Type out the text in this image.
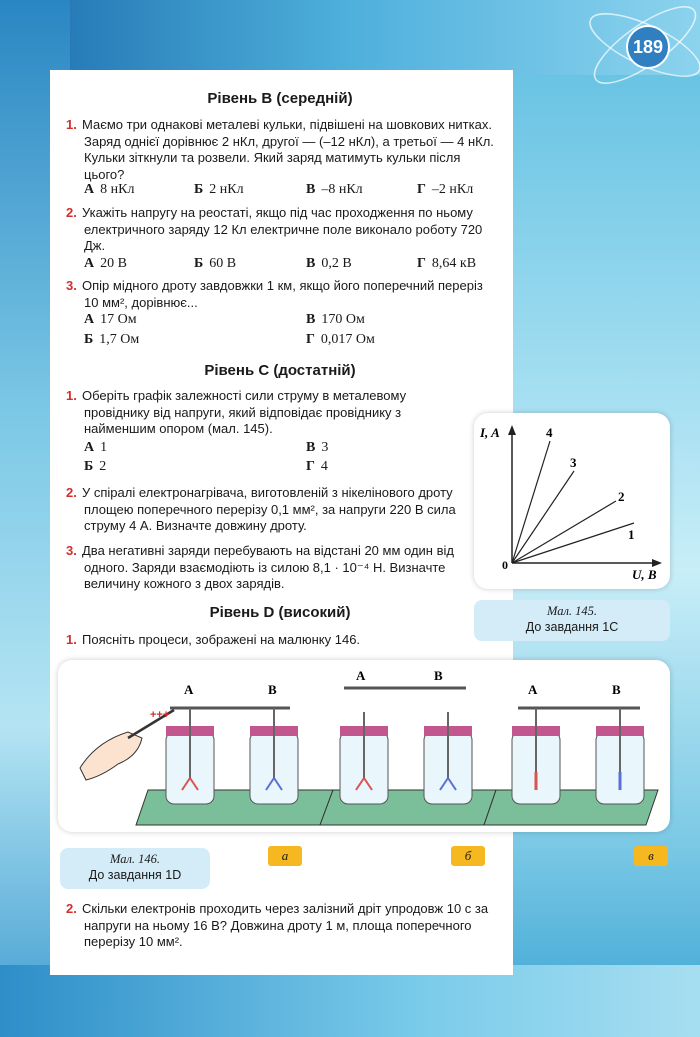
189
Рівень В (середній)
1. Маємо три однакові металеві кульки, підвішені на шовкових нитках. Заряд однієї дорівнює 2 нКл, другої — (–12 нКл), а третьої — 4 нКл. Кульки зіткнули та розвели. Який заряд матимуть кульки після цього?
А 8 нКл	Б 2 нКл	В –8 нКл	Г –2 нКл
2. Укажіть напругу на реостаті, якщо під час проходження по ньому електричного заряду 12 Кл електричне поле виконало роботу 720 Дж.
А 20 В	Б 60 В	В 0,2 В	Г 8,64 кВ
3. Опір мідного дроту завдовжки 1 км, якщо його поперечний переріз 10 мм², дорівнює...
А 17 Ом	В 170 Ом
Б 1,7 Ом	Г 0,017 Ом
Рівень С (достатній)
1. Оберіть графік залежності сили струму в металевому провіднику від напруги, який відповідає провіднику з найменшим опором (мал. 145).
А 1	В 3
Б 2	Г 4
2. У спіралі електронагрівача, виготовленій з нікелінового дроту площею поперечного перерізу 0,1 мм², за напруги 220 В сила струму 4 А. Визначте довжину дроту.
3. Два негативні заряди перебувають на відстані 20 мм один від одного. Заряди взаємодіють із силою 8,1 · 10⁻⁴ Н. Визначте величину кожного з двох зарядів.
I, A
U, B
0
1
2
3
4
Мал. 145.
До завдання 1С
Рівень D (високий)
1. Поясніть процеси, зображені на малюнку 146.
+++
А	В
А	В
А	В
а	б	в
Мал. 146.
До завдання 1D
2. Скільки електронів проходить через залізний дріт упродовж 10 с за напруги на ньому 16 В? Довжина дроту 1 м, площа поперечного перерізу 10 мм².
